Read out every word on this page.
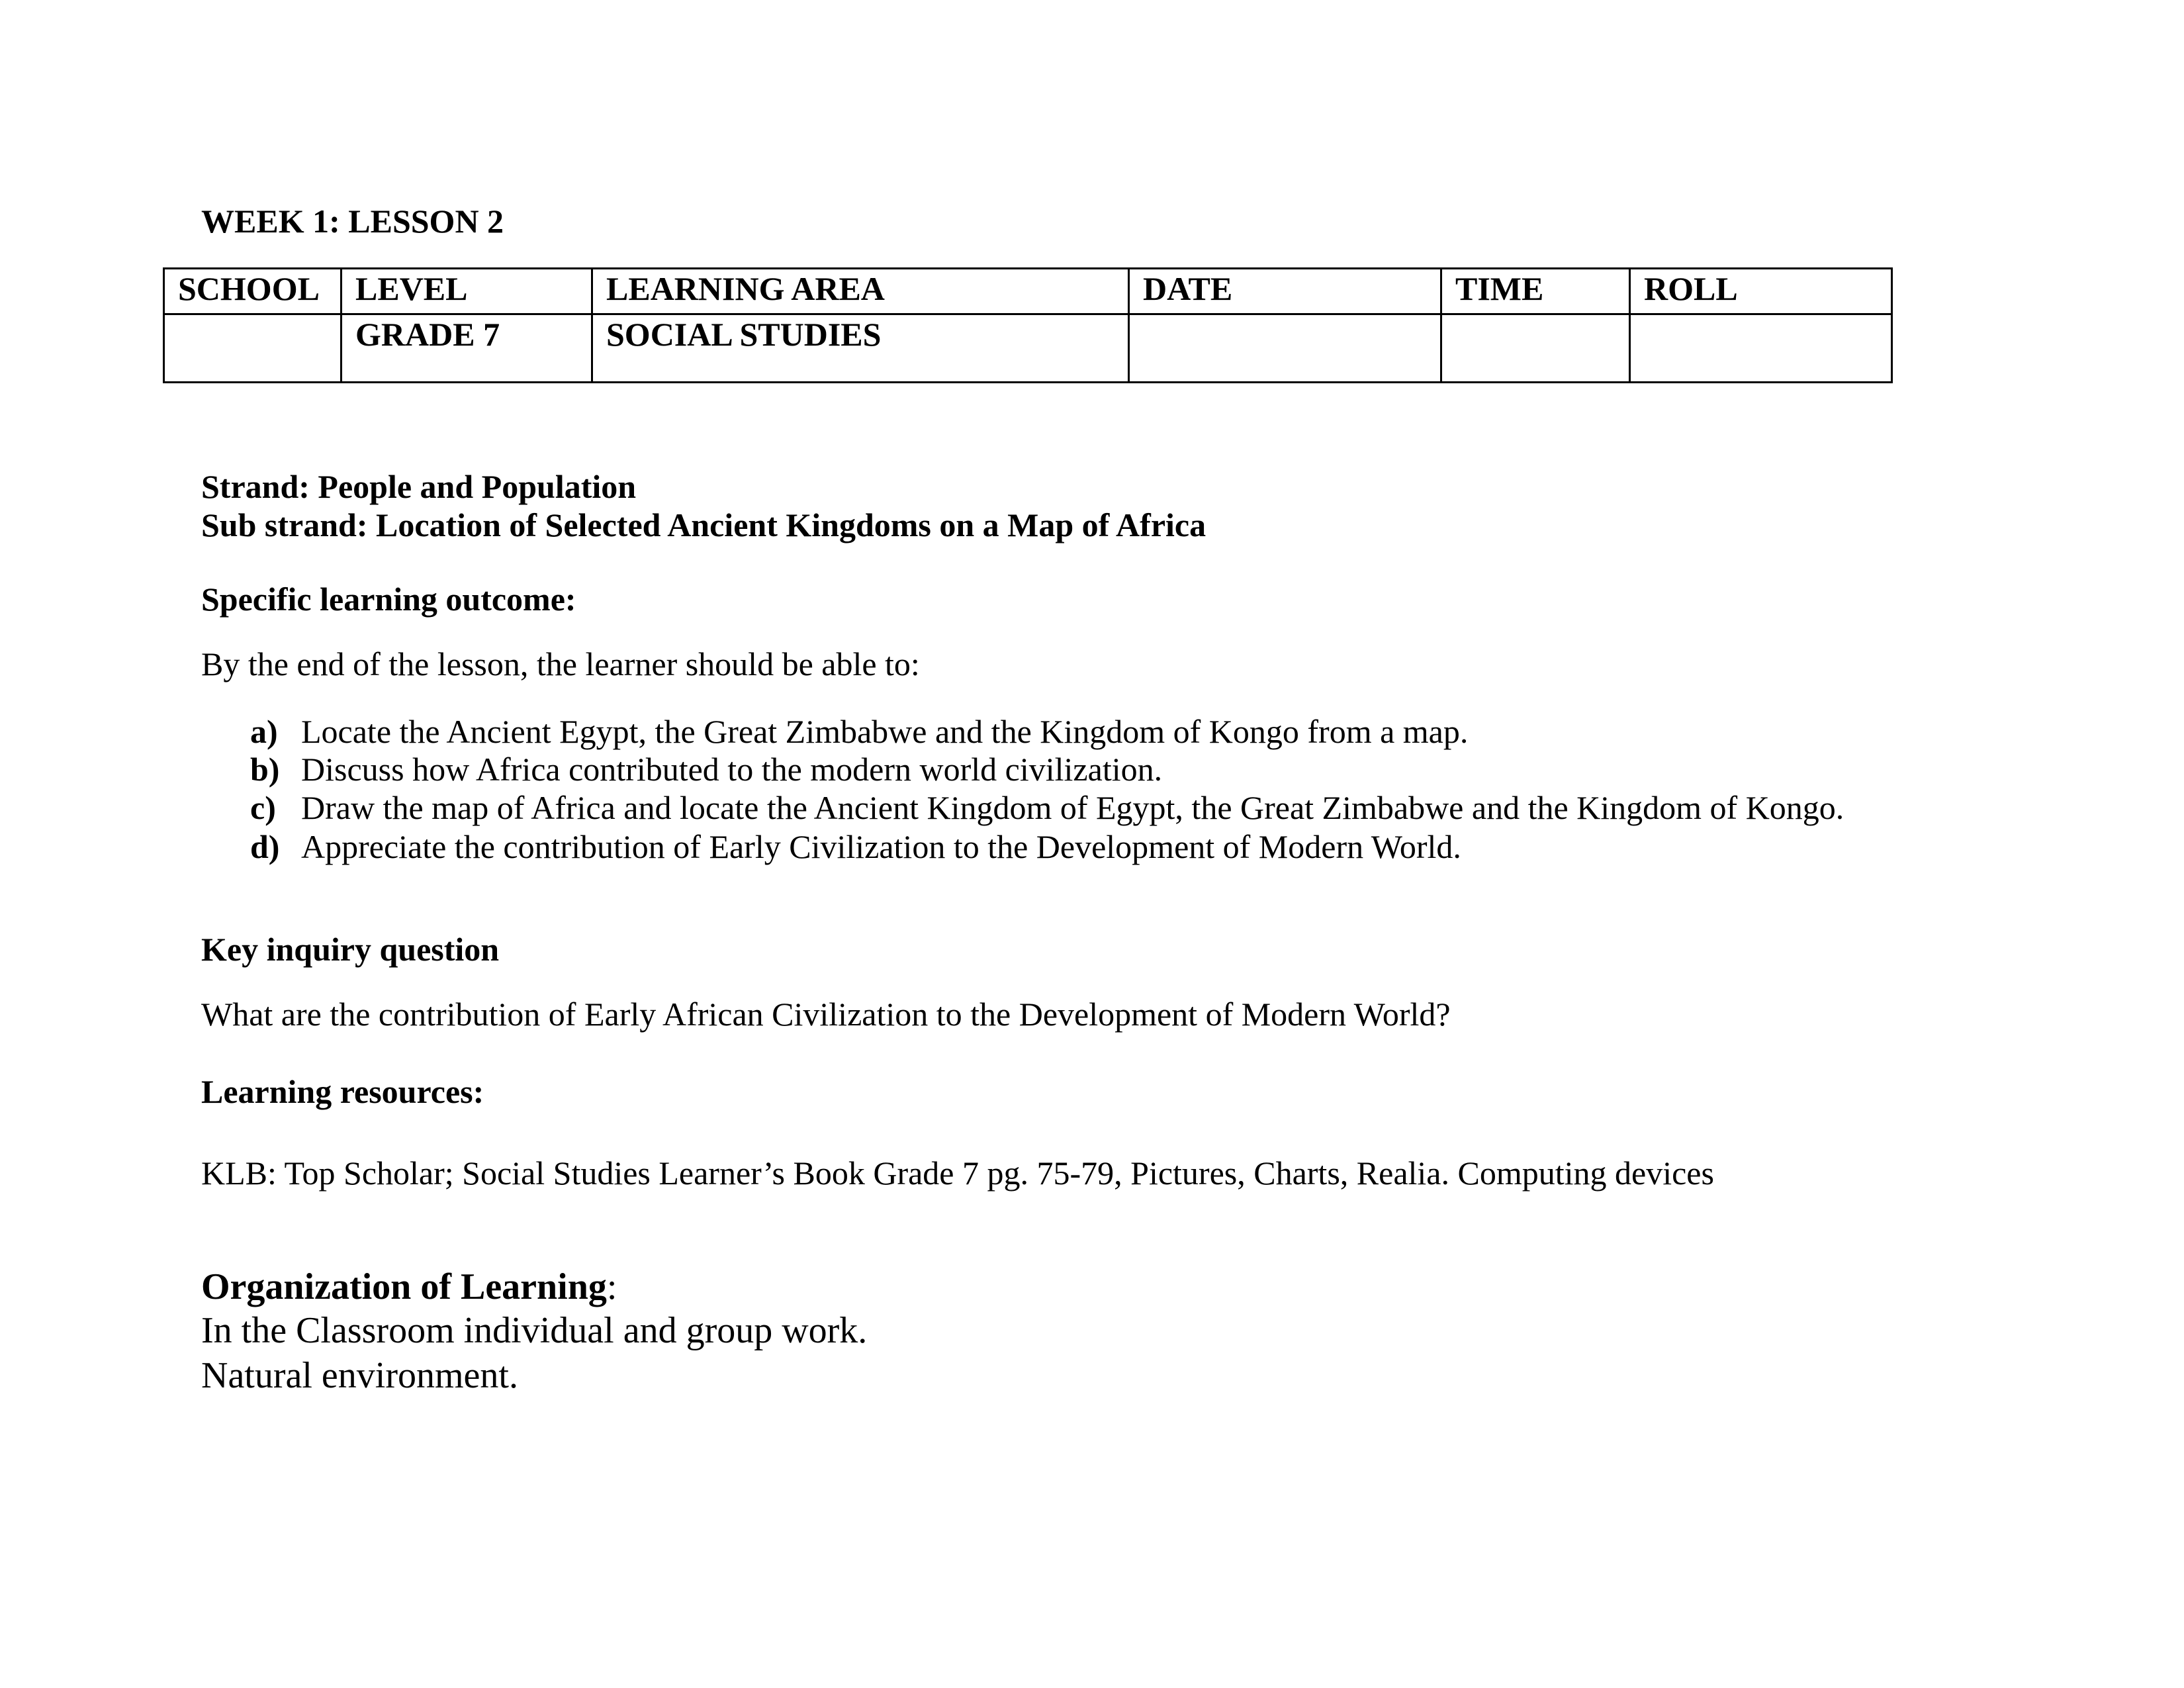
WEEK 1: LESSON 2
SCHOOL	LEVEL	LEARNING AREA	DATE	TIME	ROLL
	GRADE 7	SOCIAL STUDIES			
Strand: People and Population
Sub strand: Location of Selected Ancient Kingdoms on a Map of Africa
Specific learning outcome:
By the end of the lesson, the learner should be able to:
a) Locate the Ancient Egypt, the Great Zimbabwe and the Kingdom of Kongo from a map.
b) Discuss how Africa contributed to the modern world civilization.
c) Draw the map of Africa and locate the Ancient Kingdom of Egypt, the Great Zimbabwe and the Kingdom of Kongo.
d) Appreciate the contribution of Early Civilization to the Development of Modern World.
Key inquiry question
What are the contribution of Early African Civilization to the Development of Modern World?
Learning resources:
KLB: Top Scholar; Social Studies Learner’s Book Grade 7 pg. 75-79, Pictures, Charts, Realia. Computing devices
Organization of Learning:
In the Classroom individual and group work.
Natural environment.
